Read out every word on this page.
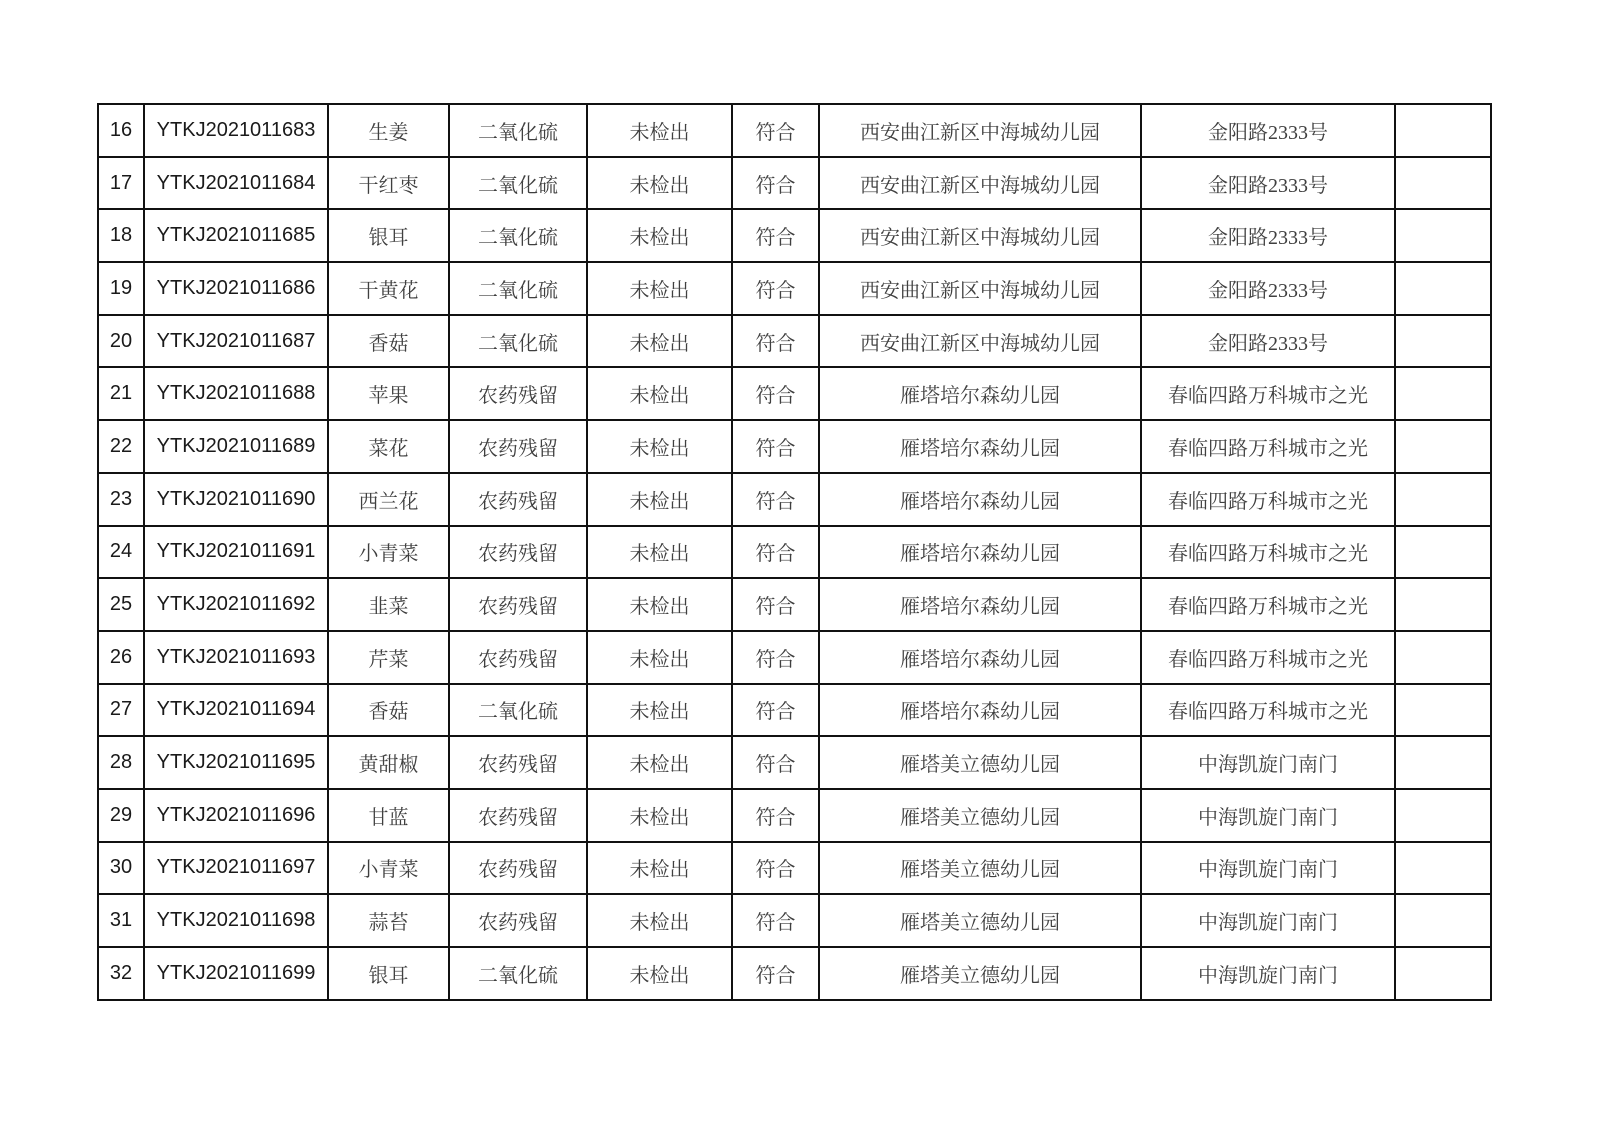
16	YTKJ2021011683	生姜	二氧化硫	未检出	符合	西安曲江新区中海城幼儿园	金阳路2333号	
17	YTKJ2021011684	干红枣	二氧化硫	未检出	符合	西安曲江新区中海城幼儿园	金阳路2333号	
18	YTKJ2021011685	银耳	二氧化硫	未检出	符合	西安曲江新区中海城幼儿园	金阳路2333号	
19	YTKJ2021011686	干黄花	二氧化硫	未检出	符合	西安曲江新区中海城幼儿园	金阳路2333号	
20	YTKJ2021011687	香菇	二氧化硫	未检出	符合	西安曲江新区中海城幼儿园	金阳路2333号	
21	YTKJ2021011688	苹果	农药残留	未检出	符合	雁塔培尔森幼儿园	春临四路万科城市之光	
22	YTKJ2021011689	菜花	农药残留	未检出	符合	雁塔培尔森幼儿园	春临四路万科城市之光	
23	YTKJ2021011690	西兰花	农药残留	未检出	符合	雁塔培尔森幼儿园	春临四路万科城市之光	
24	YTKJ2021011691	小青菜	农药残留	未检出	符合	雁塔培尔森幼儿园	春临四路万科城市之光	
25	YTKJ2021011692	韭菜	农药残留	未检出	符合	雁塔培尔森幼儿园	春临四路万科城市之光	
26	YTKJ2021011693	芹菜	农药残留	未检出	符合	雁塔培尔森幼儿园	春临四路万科城市之光	
27	YTKJ2021011694	香菇	二氧化硫	未检出	符合	雁塔培尔森幼儿园	春临四路万科城市之光	
28	YTKJ2021011695	黄甜椒	农药残留	未检出	符合	雁塔美立德幼儿园	中海凯旋门南门	
29	YTKJ2021011696	甘蓝	农药残留	未检出	符合	雁塔美立德幼儿园	中海凯旋门南门	
30	YTKJ2021011697	小青菜	农药残留	未检出	符合	雁塔美立德幼儿园	中海凯旋门南门	
31	YTKJ2021011698	蒜苔	农药残留	未检出	符合	雁塔美立德幼儿园	中海凯旋门南门	
32	YTKJ2021011699	银耳	二氧化硫	未检出	符合	雁塔美立德幼儿园	中海凯旋门南门	
